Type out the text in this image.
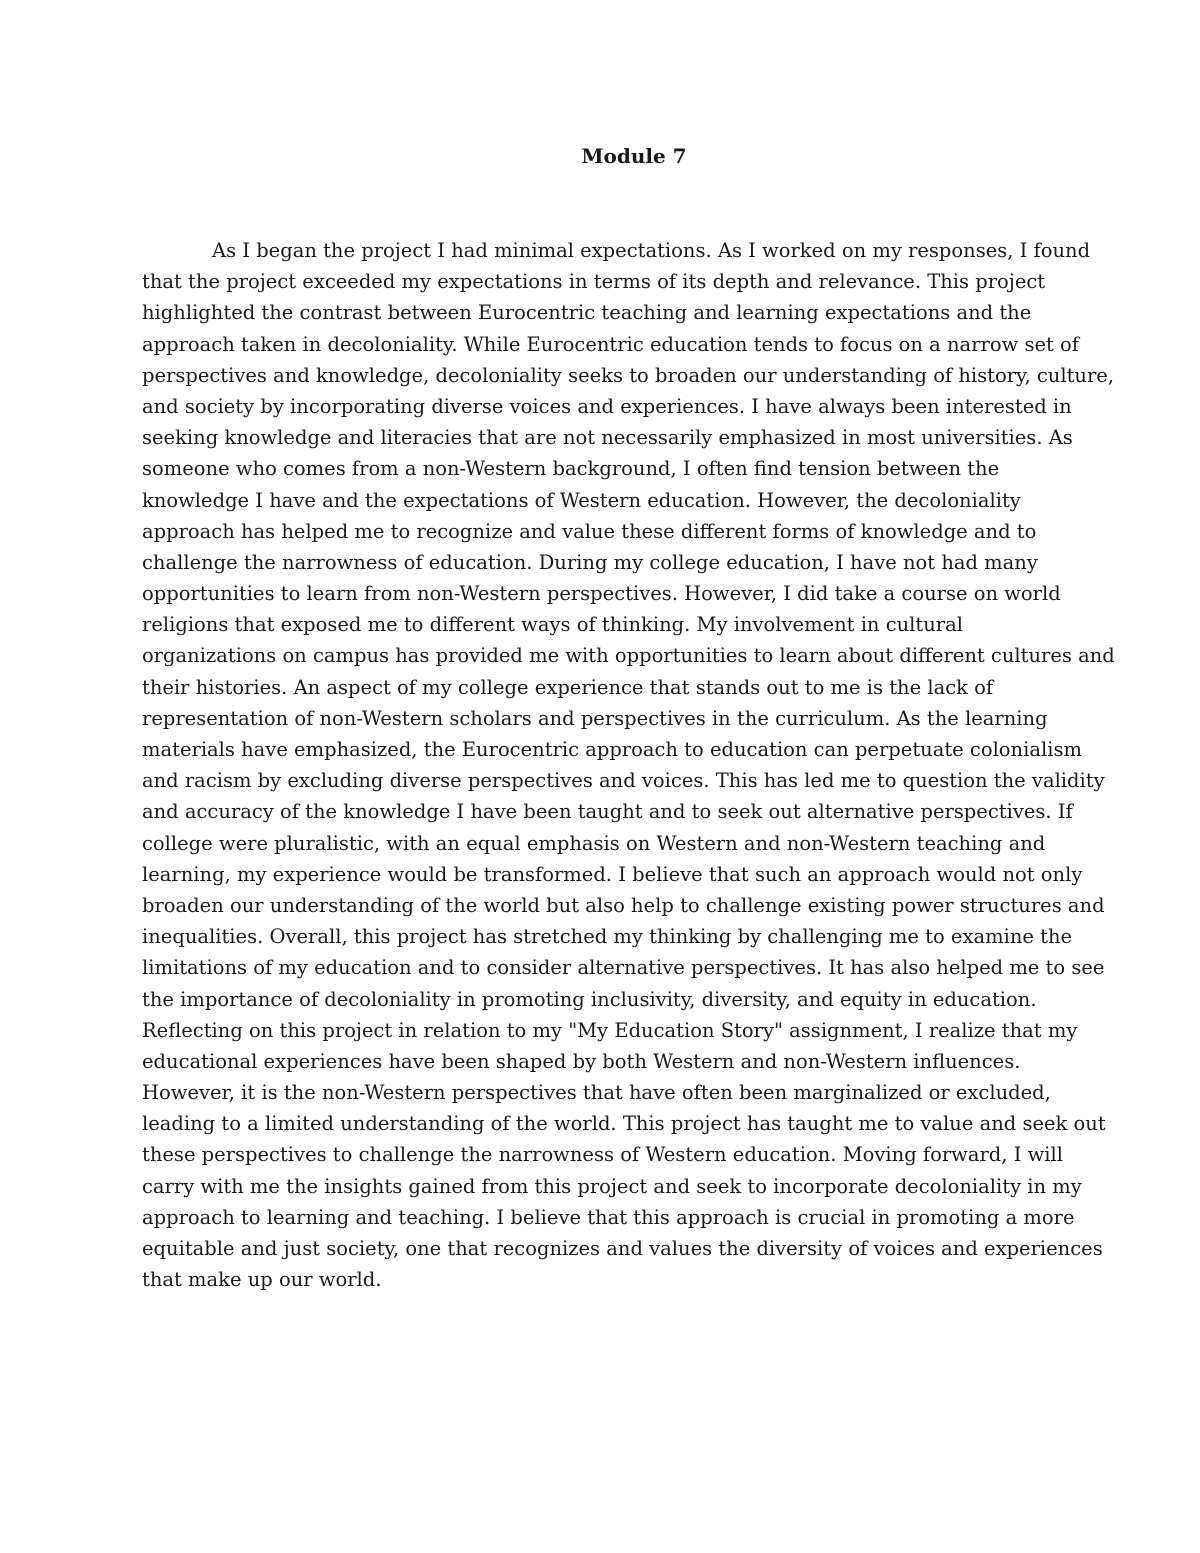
Module 7
As I began the project I had minimal expectations. As I worked on my responses, I found
that the project exceeded my expectations in terms of its depth and relevance. This project
highlighted the contrast between Eurocentric teaching and learning expectations and the
approach taken in decoloniality. While Eurocentric education tends to focus on a narrow set of
perspectives and knowledge, decoloniality seeks to broaden our understanding of history, culture,
and society by incorporating diverse voices and experiences. I have always been interested in
seeking knowledge and literacies that are not necessarily emphasized in most universities. As
someone who comes from a non-Western background, I often find tension between the
knowledge I have and the expectations of Western education. However, the decoloniality
approach has helped me to recognize and value these different forms of knowledge and to
challenge the narrowness of education. During my college education, I have not had many
opportunities to learn from non-Western perspectives. However, I did take a course on world
religions that exposed me to different ways of thinking. My involvement in cultural
organizations on campus has provided me with opportunities to learn about different cultures and
their histories. An aspect of my college experience that stands out to me is the lack of
representation of non-Western scholars and perspectives in the curriculum. As the learning
materials have emphasized, the Eurocentric approach to education can perpetuate colonialism
and racism by excluding diverse perspectives and voices. This has led me to question the validity
and accuracy of the knowledge I have been taught and to seek out alternative perspectives. If
college were pluralistic, with an equal emphasis on Western and non-Western teaching and
learning, my experience would be transformed. I believe that such an approach would not only
broaden our understanding of the world but also help to challenge existing power structures and
inequalities. Overall, this project has stretched my thinking by challenging me to examine the
limitations of my education and to consider alternative perspectives. It has also helped me to see
the importance of decoloniality in promoting inclusivity, diversity, and equity in education.
Reflecting on this project in relation to my "My Education Story" assignment, I realize that my
educational experiences have been shaped by both Western and non-Western influences.
However, it is the non-Western perspectives that have often been marginalized or excluded,
leading to a limited understanding of the world. This project has taught me to value and seek out
these perspectives to challenge the narrowness of Western education. Moving forward, I will
carry with me the insights gained from this project and seek to incorporate decoloniality in my
approach to learning and teaching. I believe that this approach is crucial in promoting a more
equitable and just society, one that recognizes and values the diversity of voices and experiences
that make up our world.
